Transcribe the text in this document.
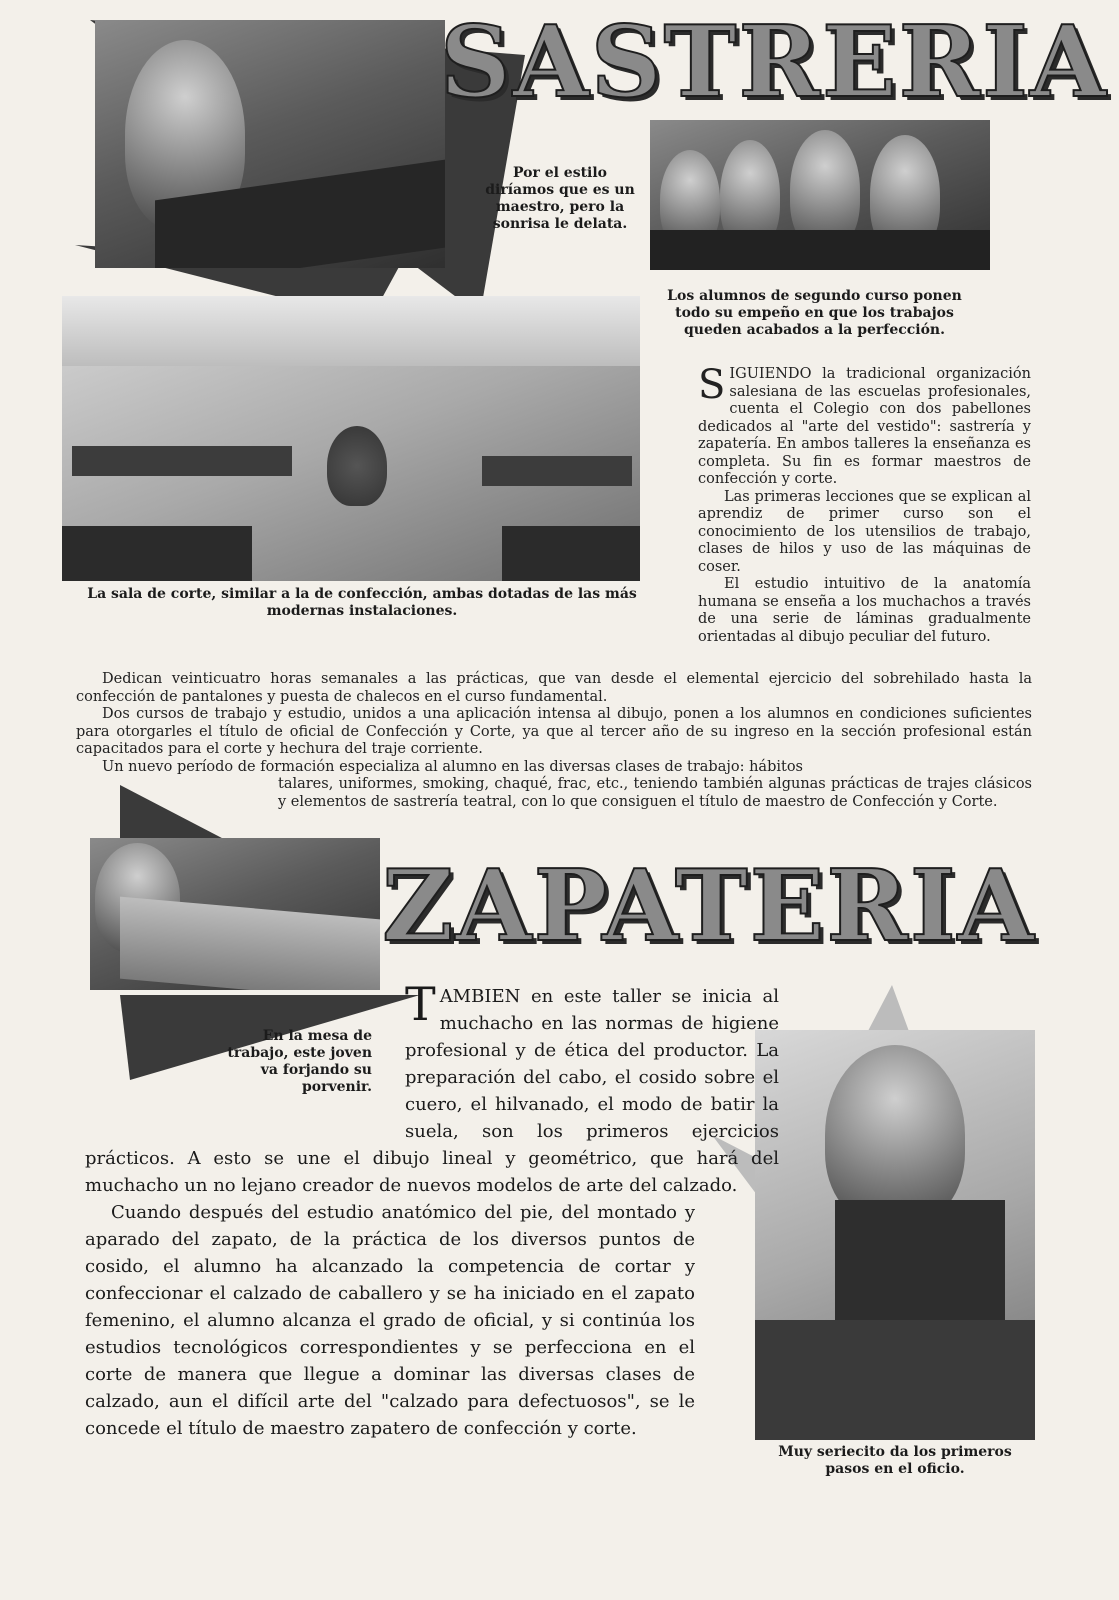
SASTRERIA
Por el estilo diríamos que es un maestro, pero la sonrisa le delata.
Los alumnos de segundo curso ponen todo su empeño en que los trabajos queden acabados a la perfección.
La sala de corte, similar a la de confección, ambas dotadas de las más modernas instalaciones.

SIGUIENDO la tradicional organización salesiana de las escuelas profesionales, cuenta el Colegio con dos pabellones dedicados al "arte del vestido": sastrería y zapatería. En ambos talleres la enseñanza es completa. Su fin es formar maestros de confección y corte.

Las primeras lecciones que se explican al aprendiz de primer curso son el conocimiento de los utensilios de trabajo, clases de hilos y uso de las máquinas de coser.

El estudio intuitivo de la anatomía humana se enseña a los muchachos a través de una serie de láminas gradualmente orientadas al dibujo peculiar del futuro.

Dedican veinticuatro horas semanales a las prácticas, que van desde el elemental ejercicio del sobrehilado hasta la confección de pantalones y puesta de chalecos en el curso fundamental.

Dos cursos de trabajo y estudio, unidos a una aplicación intensa al dibujo, ponen a los alumnos en condiciones suficientes para otorgarles el título de oficial de Confección y Corte, ya que al tercer año de su ingreso en la sección profesional están capacitados para el corte y hechura del traje corriente.

Un nuevo período de formación especializa al alumno en las diversas clases de trabajo: hábitos

talares, uniformes, smoking, chaqué, frac, etc., teniendo también algunas prácticas de trajes clásicos y elementos de sastrería teatral, con lo que consiguen el título de maestro de Confección y Corte.
ZAPATERIA
En la mesa de trabajo, este joven va forjando su porvenir.
Muy seriecito da los primeros pasos en el oficio.

TAMBIEN en este taller se inicia al muchacho en las normas de higiene profesional y de ética del productor. La preparación del cabo, el cosido sobre el cuero, el hilvanado, el modo de batir la suela, son los primeros ejercicios prácticos. A esto se une el dibujo lineal y geométrico, que hará del muchacho un no lejano creador de nuevos modelos de arte del calzado.

Cuando después del estudio anatómico del pie, del montado y aparado del zapato, de la práctica de los diversos puntos de cosido, el alumno ha alcanzado la competencia de cortar y confeccionar el calzado de caballero y se ha iniciado en el zapato femenino, el alumno alcanza el grado de oficial, y si continúa los estudios tecnológicos correspondientes y se perfecciona en el corte de manera que llegue a dominar las diversas clases de calzado, aun el difícil arte del "calzado para defectuosos", se le concede el título de maestro zapatero de confección y corte.
